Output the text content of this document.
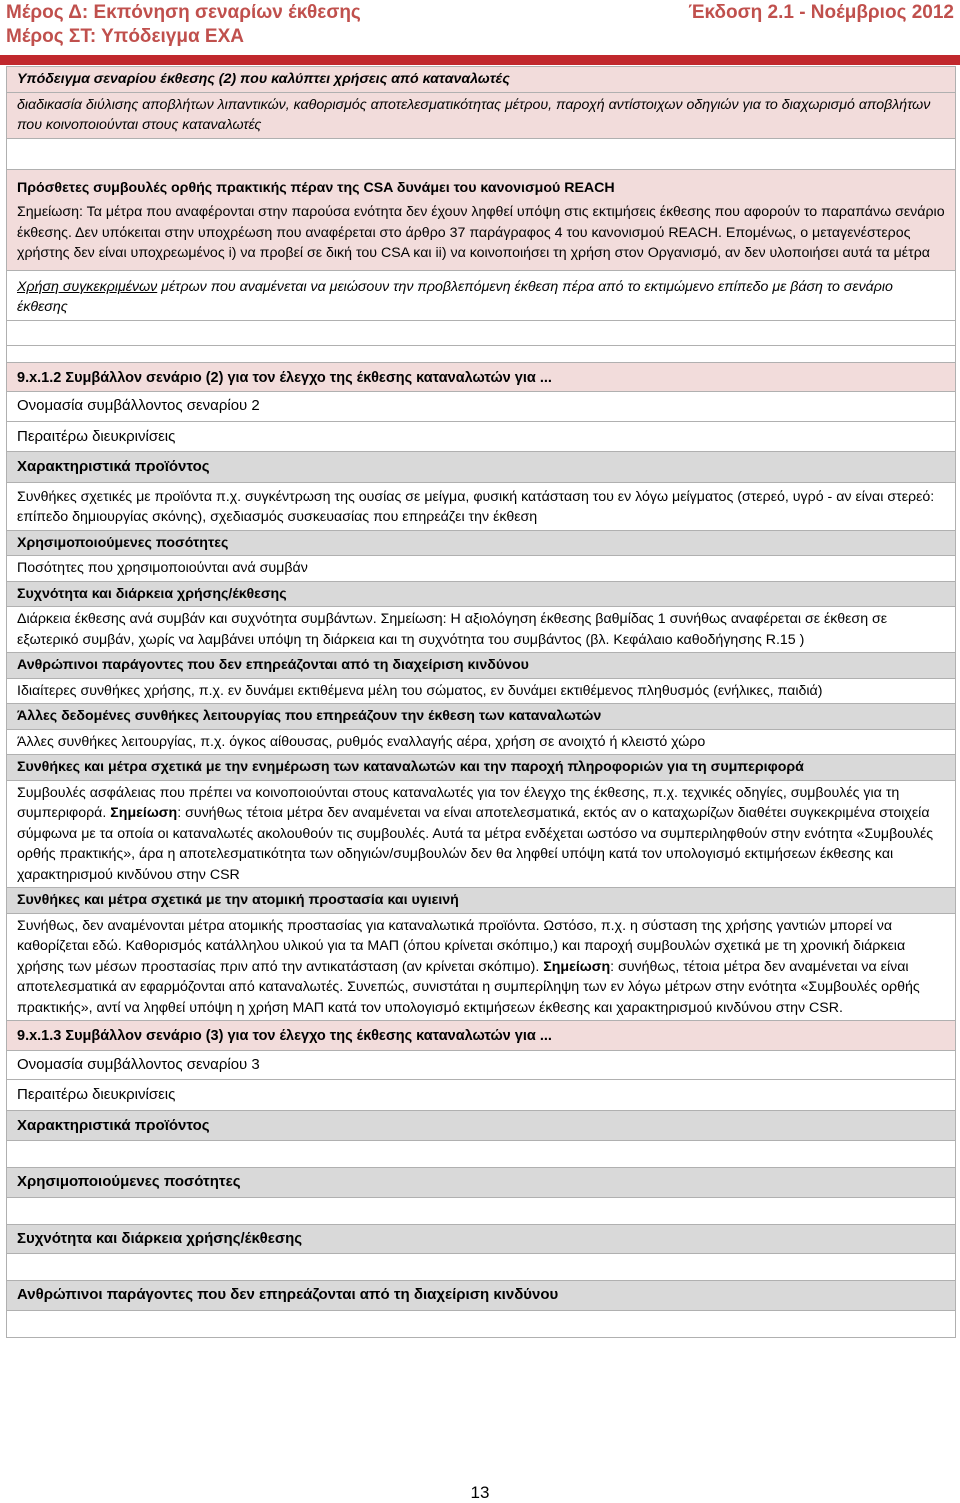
Μέρος Δ: Εκπόνηση σεναρίων έκθεσης
Μέρος ΣΤ: Υπόδειγμα ΕΧΑ
Έκδοση 2.1 - Νοέμβριος 2012
Υπόδειγμα σεναρίου έκθεσης (2) που καλύπτει χρήσεις από καταναλωτές
διαδικασία διύλισης αποβλήτων λιπαντικών, καθορισμός αποτελεσματικότητας μέτρου, παροχή αντίστοιχων οδηγιών για το διαχωρισμό αποβλήτων που κοινοποιούνται στους καταναλωτές

Πρόσθετες συμβουλές ορθής πρακτικής πέραν της CSA δυνάμει του κανονισμού REACH
Σημείωση: Τα μέτρα που αναφέρονται στην παρούσα ενότητα δεν έχουν ληφθεί υπόψη στις εκτιμήσεις έκθεσης που αφορούν το παραπάνω σενάριο έκθεσης. Δεν υπόκειται στην υποχρέωση που αναφέρεται στο άρθρο 37 παράγραφος 4 του κανονισμού REACH. Επομένως, ο μεταγενέστερος χρήστης δεν είναι υποχρεωμένος i) να προβεί σε δική του CSA και ii) να κοινοποιήσει τη χρήση στον Οργανισμό, αν δεν υλοποιήσει αυτά τα μέτρα

Χρήση συγκεκριμένων μέτρων που αναμένεται να μειώσουν την προβλεπόμενη έκθεση πέρα από το εκτιμώμενο επίπεδο με βάση το σενάριο έκθεσης

9.x.1.2 Συμβάλλον σενάριο (2) για τον έλεγχο της έκθεσης καταναλωτών για ...
Ονομασία συμβάλλοντος σεναρίου 2
Περαιτέρω διευκρινίσεις
Χαρακτηριστικά προϊόντος
Συνθήκες σχετικές με προϊόντα π.χ. συγκέντρωση της ουσίας σε μείγμα, φυσική κατάσταση του εν λόγω μείγματος (στερεό, υγρό - αν είναι στερεό: επίπεδο δημιουργίας σκόνης), σχεδιασμός συσκευασίας που επηρεάζει την έκθεση
Χρησιμοποιούμενες ποσότητες
Ποσότητες που χρησιμοποιούνται ανά συμβάν
Συχνότητα και διάρκεια χρήσης/έκθεσης
Διάρκεια έκθεσης ανά συμβάν και συχνότητα συμβάντων. Σημείωση: Η αξιολόγηση έκθεσης βαθμίδας 1 συνήθως αναφέρεται σε έκθεση σε εξωτερικό συμβάν, χωρίς να λαμβάνει υπόψη τη διάρκεια και τη συχνότητα του συμβάντος (βλ. Κεφάλαιο καθοδήγησης R.15 )
Ανθρώπινοι παράγοντες που δεν επηρεάζονται από τη διαχείριση κινδύνου
Ιδιαίτερες συνθήκες χρήσης, π.χ. εν δυνάμει εκτιθέμενα μέλη του σώματος, εν δυνάμει εκτιθέμενος πληθυσμός (ενήλικες, παιδιά)
Άλλες δεδομένες συνθήκες λειτουργίας που επηρεάζουν την έκθεση των καταναλωτών
Άλλες συνθήκες λειτουργίας, π.χ. όγκος αίθουσας, ρυθμός εναλλαγής αέρα, χρήση σε ανοιχτό ή κλειστό χώρο
Συνθήκες και μέτρα σχετικά με την ενημέρωση των καταναλωτών και την παροχή πληροφοριών για τη συμπεριφορά
Συμβουλές ασφάλειας που πρέπει να κοινοποιούνται στους καταναλωτές για τον έλεγχο της έκθεσης, π.χ. τεχνικές οδηγίες, συμβουλές για τη συμπεριφορά. Σημείωση: συνήθως τέτοια μέτρα δεν αναμένεται να είναι αποτελεσματικά, εκτός αν ο καταχωρίζων διαθέτει συγκεκριμένα στοιχεία σύμφωνα με τα οποία οι καταναλωτές ακολουθούν τις συμβουλές. Αυτά τα μέτρα ενδέχεται ωστόσο να συμπεριληφθούν στην ενότητα «Συμβουλές ορθής πρακτικής», άρα η αποτελεσματικότητα των οδηγιών/συμβουλών δεν θα ληφθεί υπόψη κατά τον υπολογισμό εκτιμήσεων έκθεσης και χαρακτηρισμού κινδύνου στην CSR
Συνθήκες και μέτρα σχετικά με την ατομική προστασία και υγιεινή
Συνήθως, δεν αναμένονται μέτρα ατομικής προστασίας για καταναλωτικά προϊόντα. Ωστόσο, π.χ. η σύσταση της χρήσης γαντιών μπορεί να καθορίζεται εδώ. Καθορισμός κατάλληλου υλικού για τα ΜΑΠ (όπου κρίνεται σκόπιμο,) και παροχή συμβουλών σχετικά με τη χρονική διάρκεια χρήσης των μέσων προστασίας πριν από την αντικατάσταση (αν κρίνεται σκόπιμο). Σημείωση: συνήθως, τέτοια μέτρα δεν αναμένεται να είναι αποτελεσματικά αν εφαρμόζονται από καταναλωτές. Συνεπώς, συνιστάται η συμπερίληψη των εν λόγω μέτρων στην ενότητα «Συμβουλές ορθής πρακτικής», αντί να ληφθεί υπόψη η χρήση ΜΑΠ κατά τον υπολογισμό εκτιμήσεων έκθεσης και χαρακτηρισμού κινδύνου στην CSR.
9.x.1.3 Συμβάλλον σενάριο (3) για τον έλεγχο της έκθεσης καταναλωτών για ...
Ονομασία συμβάλλοντος σεναρίου 3
Περαιτέρω διευκρινίσεις
Χαρακτηριστικά προϊόντος

Χρησιμοποιούμενες ποσότητες

Συχνότητα και διάρκεια χρήσης/έκθεσης

Ανθρώπινοι παράγοντες που δεν επηρεάζονται από τη διαχείριση κινδύνου

13
